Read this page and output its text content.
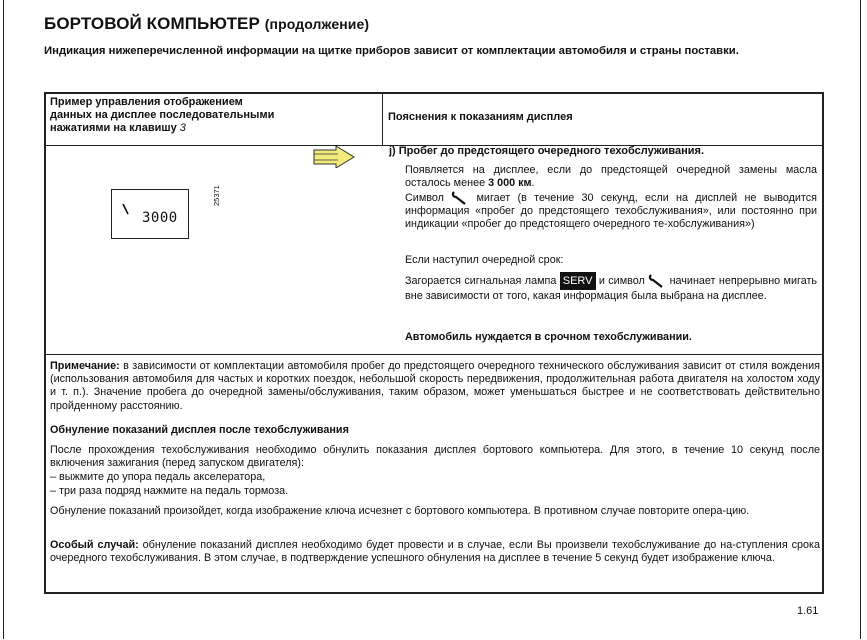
БОРТОВОЙ КОМПЬЮТЕР (продолжение)
Индикация нижеперечисленной информации на щитке приборов зависит от комплектации автомобиля и страны поставки.
Пример управления отображением
данных на дисплее последовательными
нажатиями на клавишу 3
Пояснения к показаниям дисплея
3000
25371
j) Пробег до предстоящего очередного техобслуживания.
Появляется на дисплее, если до предстоящей очередной замены масла осталось менее 3 000 км.
Символ	мигает (в течение 30 секунд, если на дисплей не выводится информация «пробег до предстоящего техобслуживания», или постоянно при индикации «пробег до предстоящего очередного те-хобслуживания»)
Если наступил очередной срок:
Загорается сигнальная лампа SERV и символ начинает непрерывно мигать вне зависимости от того, какая информация была выбрана на дисплее.
Автомобиль нуждается в срочном техобслуживании.
Примечание: в зависимости от комплектации автомобиля пробег до предстоящего очередного технического обслуживания зависит от стиля вождения (использования автомобиля для частых и коротких поездок, небольшой скорость передвижения, продолжительная работа двигателя на холостом ходу и т. п.). Значение пробега до очередной замены/обслуживания, таким образом, может уменьшаться быстрее и не соответствовать действительно пройденному расстоянию.
Обнуление показаний дисплея после техобслуживания
После прохождения техобслуживания необходимо обнулить показания дисплея бортового компьютера. Для этого, в течение 10 секунд после включения зажигания (перед запуском двигателя):
– выжмите до упора педаль акселератора,
– три раза подряд нажмите на педаль тормоза.
Обнуление показаний произойдет, когда изображение ключа исчезнет с бортового компьютера. В противном случае повторите опера-цию.
Особый случай: обнуление показаний дисплея необходимо будет провести и в случае, если Вы произвели техобслуживание до на-ступления срока очередного техобслуживания. В этом случае, в подтверждение успешного обнуления на дисплее в течение 5 секунд будет изображение ключа.
1.61
